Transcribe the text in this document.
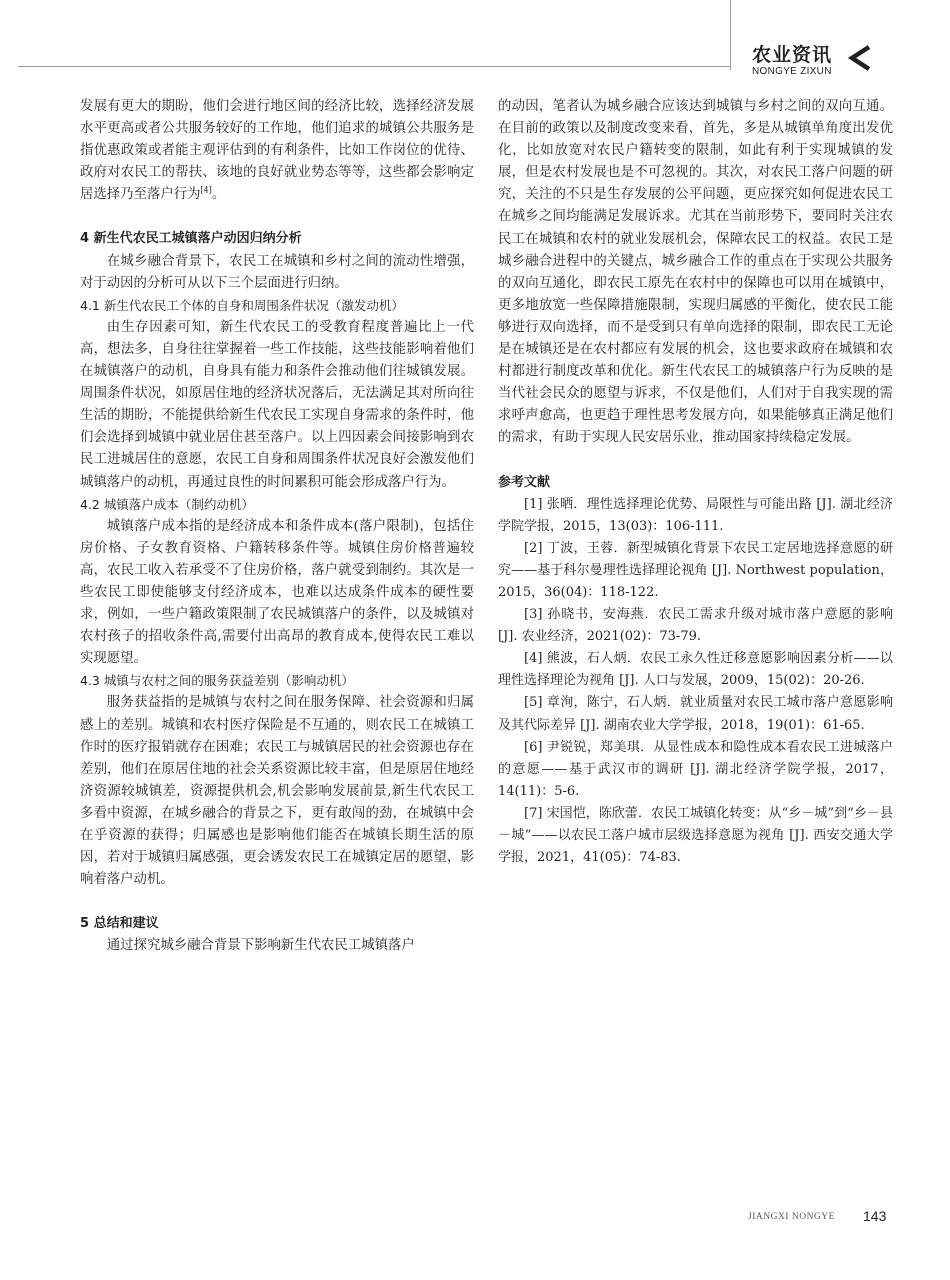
农业资讯
NONGYE ZIXUN

发展有更大的期盼，他们会进行地区间的经济比较，选择经济发展水平更高或者公共服务较好的工作地，他们追求的城镇公共服务是指优惠政策或者能主观评估到的有利条件，比如工作岗位的优待、政府对农民工的帮扶、该地的良好就业势态等等，这些都会影响定居选择乃至落户行为[4]。

4 新生代农民工城镇落户动因归纳分析

在城乡融合背景下，农民工在城镇和乡村之间的流动性增强，对于动因的分析可从以下三个层面进行归纳。

4.1 新生代农民工个体的自身和周围条件状况（激发动机）

由生存因素可知，新生代农民工的受教育程度普遍比上一代高，想法多，自身往往掌握着一些工作技能，这些技能影响着他们在城镇落户的动机，自身具有能力和条件会推动他们往城镇发展。周围条件状况，如原居住地的经济状况落后，无法满足其对所向往生活的期盼，不能提供给新生代农民工实现自身需求的条件时，他们会选择到城镇中就业居住甚至落户。以上四因素会间接影响到农民工进城居住的意愿，农民工自身和周围条件状况良好会激发他们城镇落户的动机，再通过良性的时间累积可能会形成落户行为。

4.2 城镇落户成本（制约动机）

城镇落户成本指的是经济成本和条件成本(落户限制)，包括住房价格、子女教育资格、户籍转移条件等。城镇住房价格普遍较高，农民工收入若承受不了住房价格，落户就受到制约。其次是一些农民工即使能够支付经济成本，也难以达成条件成本的硬性要求，例如，一些户籍政策限制了农民城镇落户的条件，以及城镇对农村孩子的招收条件高,需要付出高昂的教育成本,使得农民工难以实现愿望。

4.3 城镇与农村之间的服务获益差别（影响动机）

服务获益指的是城镇与农村之间在服务保障、社会资源和归属感上的差别。城镇和农村医疗保险是不互通的，则农民工在城镇工作时的医疗报销就存在困难；农民工与城镇居民的社会资源也存在差别，他们在原居住地的社会关系资源比较丰富，但是原居住地经济资源较城镇差，资源提供机会,机会影响发展前景,新生代农民工多看中资源，在城乡融合的背景之下，更有敢闯的劲，在城镇中会在乎资源的获得；归属感也是影响他们能否在城镇长期生活的原因，若对于城镇归属感强，更会诱发农民工在城镇定居的愿望，影响着落户动机。

5 总结和建议

通过探究城乡融合背景下影响新生代农民工城镇落户

的动因，笔者认为城乡融合应该达到城镇与乡村之间的双向互通。在目前的政策以及制度改变来看，首先，多是从城镇单角度出发优化，比如放宽对农民户籍转变的限制，如此有利于实现城镇的发展，但是农村发展也是不可忽视的。其次，对农民工落户问题的研究，关注的不只是生存发展的公平问题，更应探究如何促进农民工在城乡之间均能满足发展诉求。尤其在当前形势下，要同时关注农民工在城镇和农村的就业发展机会，保障农民工的权益。农民工是城乡融合进程中的关键点，城乡融合工作的重点在于实现公共服务的双向互通化，即农民工原先在农村中的保障也可以用在城镇中，更多地放宽一些保障措施限制，实现归属感的平衡化，使农民工能够进行双向选择，而不是受到只有单向选择的限制，即农民工无论是在城镇还是在农村都应有发展的机会，这也要求政府在城镇和农村都进行制度改革和优化。新生代农民工的城镇落户行为反映的是当代社会民众的愿望与诉求，不仅是他们，人们对于自我实现的需求呼声愈高，也更趋于理性思考发展方向，如果能够真正满足他们的需求，有助于实现人民安居乐业，推动国家持续稳定发展。

参考文献

[1] 张晒．理性选择理论优势、局限性与可能出路 [J]. 湖北经济学院学报，2015，13(03)：106-111.

[2] 丁波，王蓉．新型城镇化背景下农民工定居地选择意愿的研究——基于科尔曼理性选择理论视角 [J]. Northwest population，2015，36(04)：118-122.

[3] 孙晓书，安海燕．农民工需求升级对城市落户意愿的影响 [J]. 农业经济，2021(02)：73-79.

[4] 熊波，石人炳．农民工永久性迁移意愿影响因素分析——以理性选择理论为视角 [J]. 人口与发展，2009，15(02)：20-26.

[5] 章洵，陈宁，石人炳．就业质量对农民工城市落户意愿影响及其代际差异 [J]. 湖南农业大学学报，2018，19(01)：61-65.

[6] 尹锐锐，郑美琪．从显性成本和隐性成本看农民工进城落户的意愿——基于武汉市的调研 [J]. 湖北经济学院学报，2017，14(11)：5-6.

[7] 宋国恺，陈欣蕾．农民工城镇化转变：从“乡－城”到“乡－县－城”——以农民工落户城市层级选择意愿为视角 [J]. 西安交通大学学报，2021，41(05)：74-83.

JIANGXI NONGYE 143
